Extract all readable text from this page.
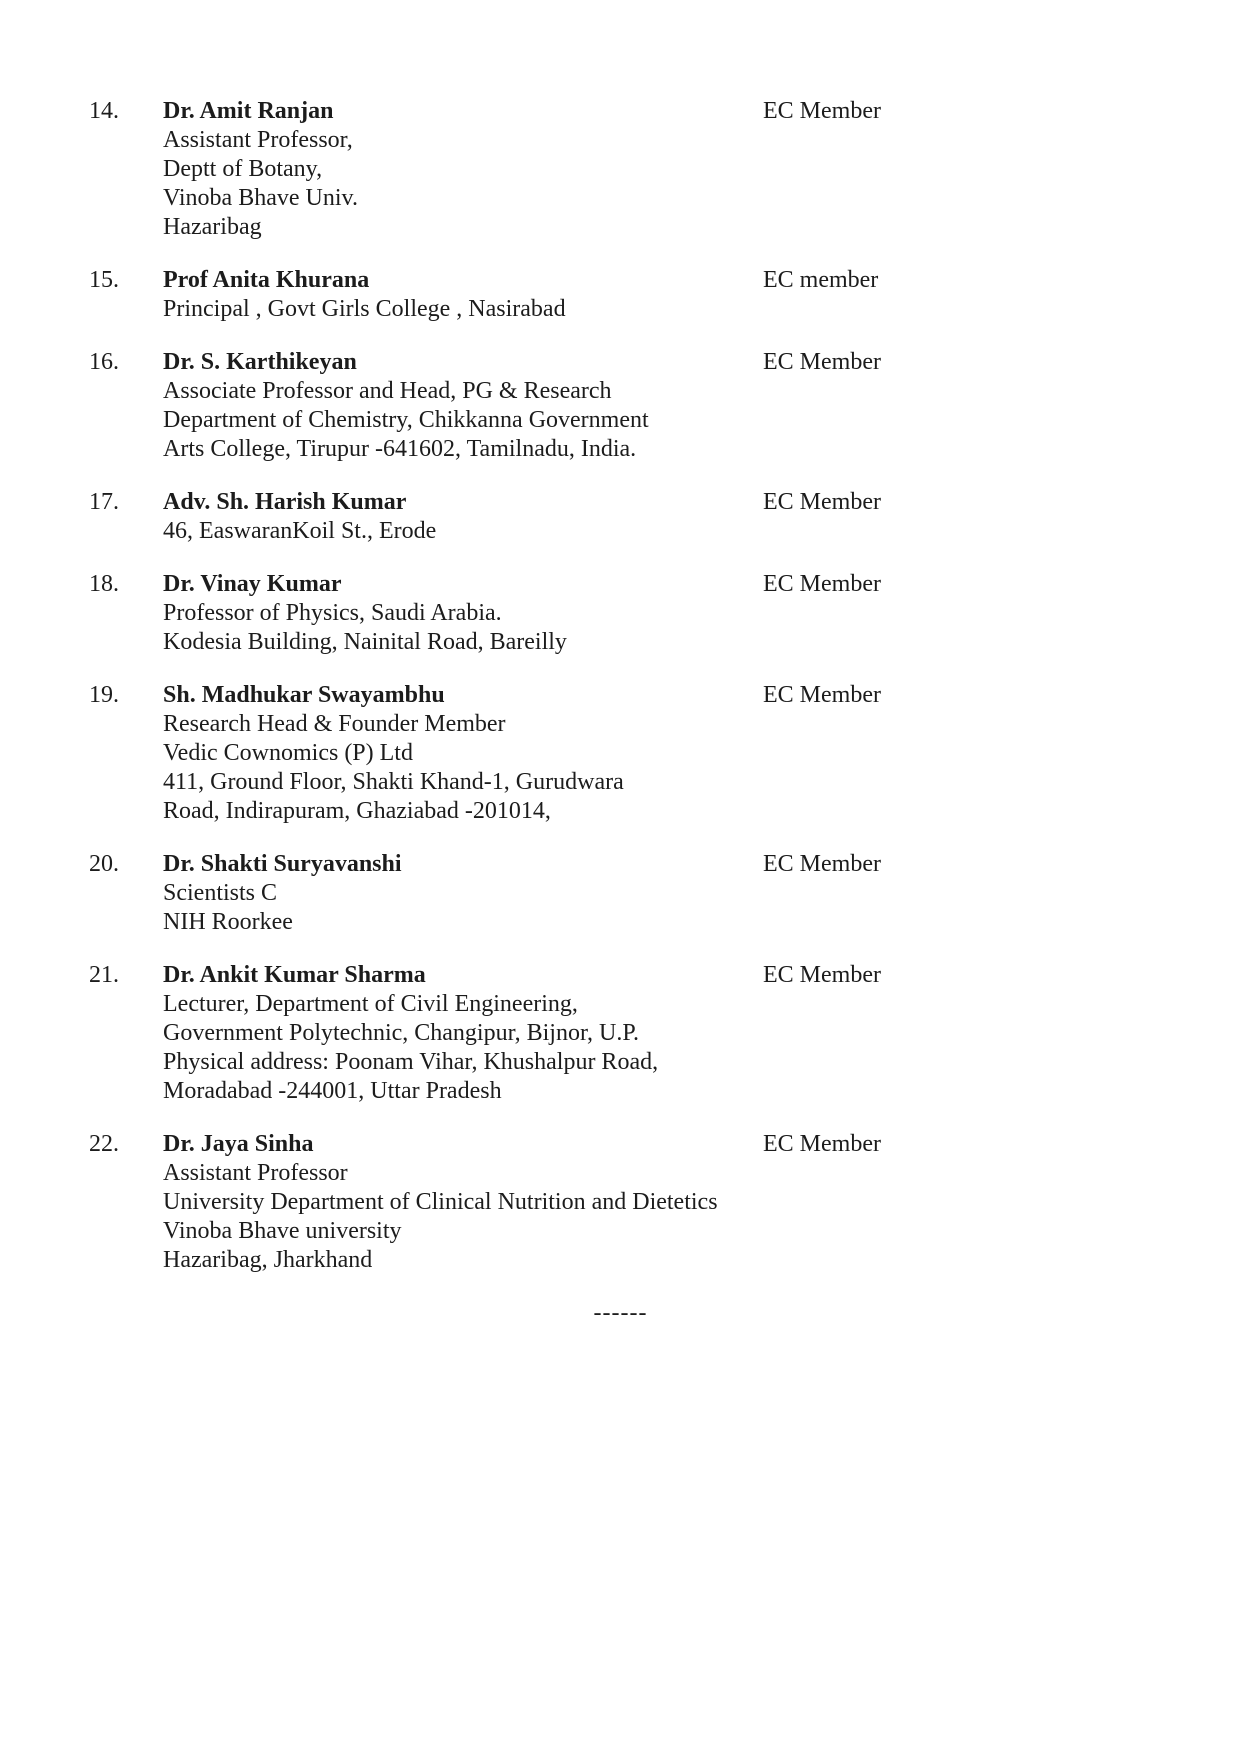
14. Dr. Amit Ranjan
Assistant Professor,
Deptt of Botany,
Vinoba Bhave Univ.
Hazaribag
EC Member
15. Prof Anita Khurana
Principal , Govt Girls College , Nasirabad
EC member
16. Dr. S. Karthikeyan
Associate Professor and Head, PG & Research
Department of Chemistry, Chikkanna Government
Arts College, Tirupur -641602, Tamilnadu, India.
EC Member
17. Adv. Sh. Harish Kumar
46, EaswaranKoil St., Erode
EC Member
18. Dr. Vinay Kumar
Professor of Physics, Saudi Arabia.
Kodesia Building, Nainital Road, Bareilly
EC Member
19. Sh. Madhukar Swayambhu
Research Head & Founder Member
Vedic Cownomics (P) Ltd
411, Ground Floor, Shakti Khand-1, Gurudwara
Road, Indirapuram, Ghaziabad -201014,
EC Member
20. Dr. Shakti Suryavanshi
Scientists C
NIH Roorkee
EC Member
21. Dr. Ankit Kumar Sharma
Lecturer, Department of Civil Engineering,
Government Polytechnic, Changipur, Bijnor, U.P.
Physical address: Poonam Vihar, Khushalpur Road,
Moradabad -244001, Uttar Pradesh
EC Member
22. Dr. Jaya Sinha
Assistant Professor
University Department of Clinical Nutrition and Dietetics
Vinoba Bhave university
Hazaribag, Jharkhand
EC Member
------
